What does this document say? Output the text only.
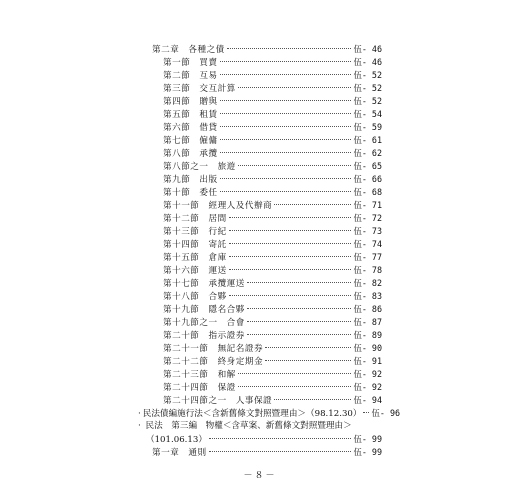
第二章　各種之債	伍- 46
第一節　買賣	伍- 46
第二節　互易	伍- 52
第三節　交互計算	伍- 52
第四節　贈與	伍- 52
第五節　租賃	伍- 54
第六節　借貸	伍- 59
第七節　僱傭	伍- 61
第八節　承攬	伍- 62
第八節之一　旅遊	伍- 65
第九節　出版	伍- 66
第十節　委任	伍- 68
第十一節　經理人及代辦商	伍- 71
第十二節　居間	伍- 72
第十三節　行紀	伍- 73
第十四節　寄託	伍- 74
第十五節　倉庫	伍- 77
第十六節　運送	伍- 78
第十七節　承攬運送	伍- 82
第十八節　合夥	伍- 83
第十九節　隱名合夥	伍- 86
第十九節之一　合會	伍- 87
第二十節　指示證券	伍- 89
第二十一節　無記名證券	伍- 90
第二十二節　終身定期金	伍- 91
第二十三節　和解	伍- 92
第二十四節　保證	伍- 92
第二十四節之一　人事保證	伍- 94
· 民法債編施行法＜含新舊條文對照暨理由＞（98.12.30） 伍- 96
· 民法　第三編　物權＜含草案、新舊條文對照暨理由＞
（101.06.13）	伍- 99
第一章　通則	伍- 99
－８－
